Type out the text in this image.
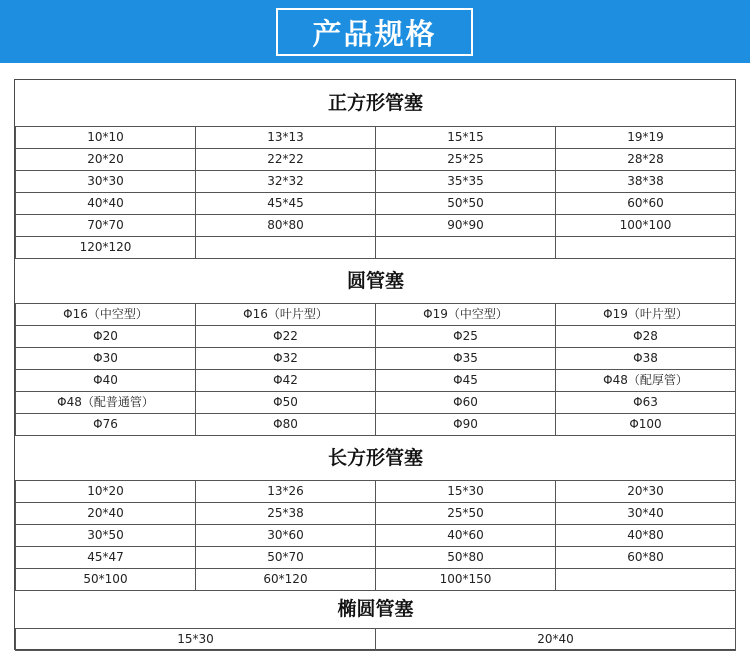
产品规格
正方形管塞			
10*10	13*13	15*15	19*19
20*20	22*22	25*25	28*28
30*30	32*32	35*35	38*38
40*40	45*45	50*50	60*60
70*70	80*80	90*90	100*100
120*120			
圆管塞			
Φ16（中空型）	Φ16（叶片型）	Φ19（中空型）	Φ19（叶片型）
Φ20	Φ22	Φ25	Φ28
Φ30	Φ32	Φ35	Φ38
Φ40	Φ42	Φ45	Φ48（配厚管）
Φ48（配普通管）	Φ50	Φ60	Φ63
Φ76	Φ80	Φ90	Φ100
长方形管塞			
10*20	13*26	15*30	20*30
20*40	25*38	25*50	30*40
30*50	30*60	40*60	40*80
45*47	50*70	50*80	60*80
50*100	60*120	100*150	
椭圆管塞			
15*30		20*40	
